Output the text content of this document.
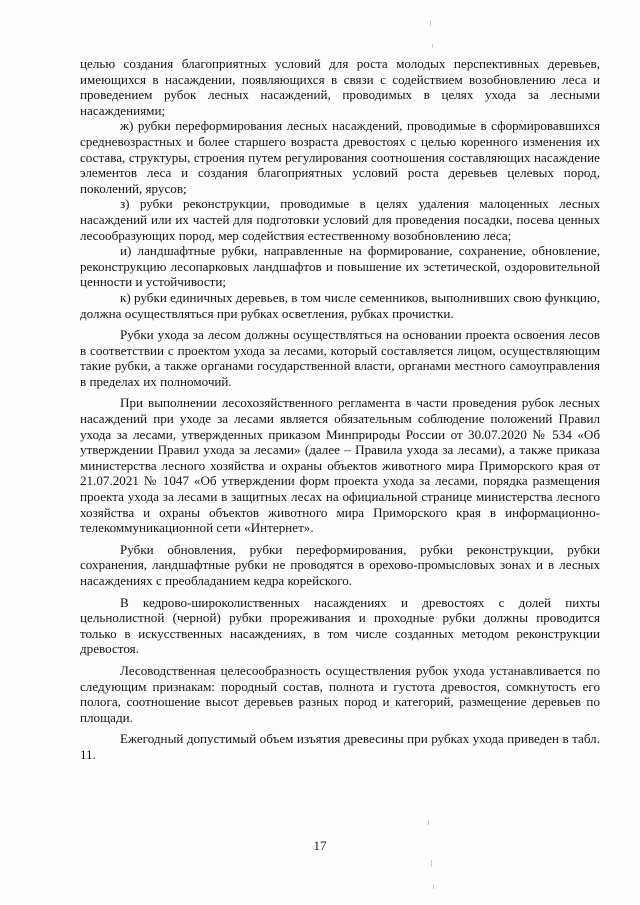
целью создания благоприятных условий для роста молодых перспективных деревьев, имеющихся в насаждении, появляющихся в связи с содействием возобновлению леса и проведением рубок лесных насаждений, проводимых в целях ухода за лесными насаждениями;

ж) рубки переформирования лесных насаждений, проводимые в сформировавшихся средневозрастных и более старшего возраста древостоях с целью коренного изменения их состава, структуры, строения путем регулирования соотношения составляющих насаждение элементов леса и создания благоприятных условий роста деревьев целевых пород, поколений, ярусов;

з) рубки реконструкции, проводимые в целях удаления малоценных лесных насаждений или их частей для подготовки условий для проведения посадки, посева ценных лесообразующих пород, мер содействия естественному возобновлению леса;

и) ландшафтные рубки, направленные на формирование, сохранение, обновление, реконструкцию лесопарковых ландшафтов и повышение их эстетической, оздоровительной ценности и устойчивости;

к) рубки единичных деревьев, в том числе семенников, выполнивших свою функцию, должна осуществляться при рубках осветления, рубках прочистки.

Рубки ухода за лесом должны осуществляться на основании проекта освоения лесов в соответствии с проектом ухода за лесами, который составляется лицом, осуществляющим такие рубки, а также органами государственной власти, органами местного самоуправления в пределах их полномочий.

При выполнении лесохозяйственного регламента в части проведения рубок лесных насаждений при уходе за лесами является обязательным соблюдение положений Правил ухода за лесами, утвержденных приказом Минприроды России от 30.07.2020 № 534 «Об утверждении Правил ухода за лесами» (далее – Правила ухода за лесами), а также приказа министерства лесного хозяйства и охраны объектов животного мира Приморского края от 21.07.2021 № 1047 «Об утверждении форм проекта ухода за лесами, порядка размещения проекта ухода за лесами в защитных лесах на официальной странице министерства лесного хозяйства и охраны объектов животного мира Приморского края в информационно-телекоммуникационной сети «Интернет».

Рубки обновления, рубки переформирования, рубки реконструкции, рубки сохранения, ландшафтные рубки не проводятся в орехово-промысловых зонах и в лесных насаждениях с преобладанием кедра корейского.

В кедрово-широколиственных насаждениях и древостоях с долей пихты цельнолистной (черной) рубки прореживания и проходные рубки должны проводится только в искусственных насаждениях, в том числе созданных методом реконструкции древостоя.

Лесоводственная целесообразность осуществления рубок ухода устанавливается по следующим признакам: породный состав, полнота и густота древостоя, сомкнутость его полога, соотношение высот деревьев разных пород и категорий, размещение деревьев по площади.

Ежегодный допустимый объем изъятия древесины при рубках ухода приведен в табл. 11.

17
